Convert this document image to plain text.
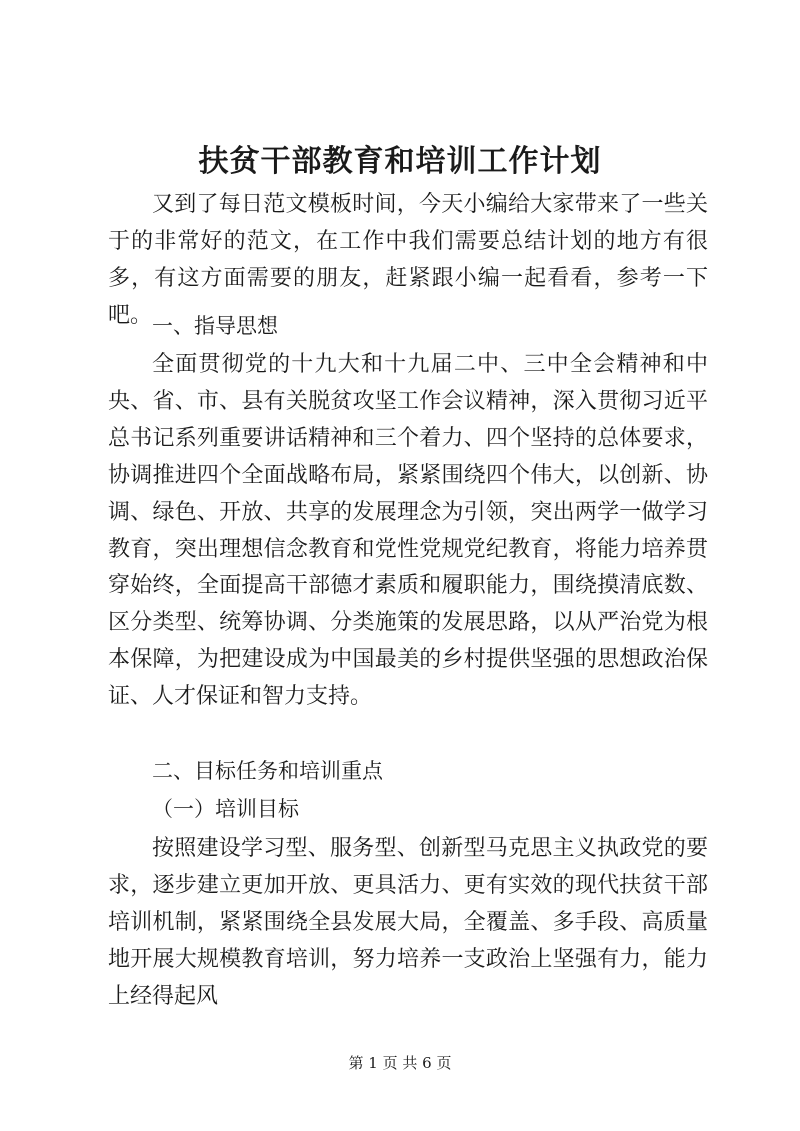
扶贫干部教育和培训工作计划

又到了每日范文模板时间，今天小编给大家带来了一些关于的非常好的范文，在工作中我们需要总结计划的地方有很多，有这方面需要的朋友，赶紧跟小编一起看看，参考一下吧。 一、指导思想

全面贯彻党的十九大和十九届二中、三中全会精神和中央、省、市、县有关脱贫攻坚工作会议精神，深入贯彻习近平总书记系列重要讲话精神和三个着力、四个坚持的总体要求，协调推进四个全面战略布局，紧紧围绕四个伟大，以创新、协调、绿色、开放、共享的发展理念为引领，突出两学一做学习教育，突出理想信念教育和党性党规党纪教育，将能力培养贯穿始终，全面提高干部德才素质和履职能力，围绕摸清底数、区分类型、统筹协调、分类施策的发展思路，以从严治党为根本保障，为把建设成为中国最美的乡村提供坚强的思想政治保证、人才保证和智力支持。

二、目标任务和培训重点

（一）培训目标

按照建设学习型、服务型、创新型马克思主义执政党的要求，逐步建立更加开放、更具活力、更有实效的现代扶贫干部培训机制，紧紧围绕全县发展大局，全覆盖、多手段、高质量地开展大规模教育培训，努力培养一支政治上坚强有力，能力上经得起风

第 1 页 共 6 页
